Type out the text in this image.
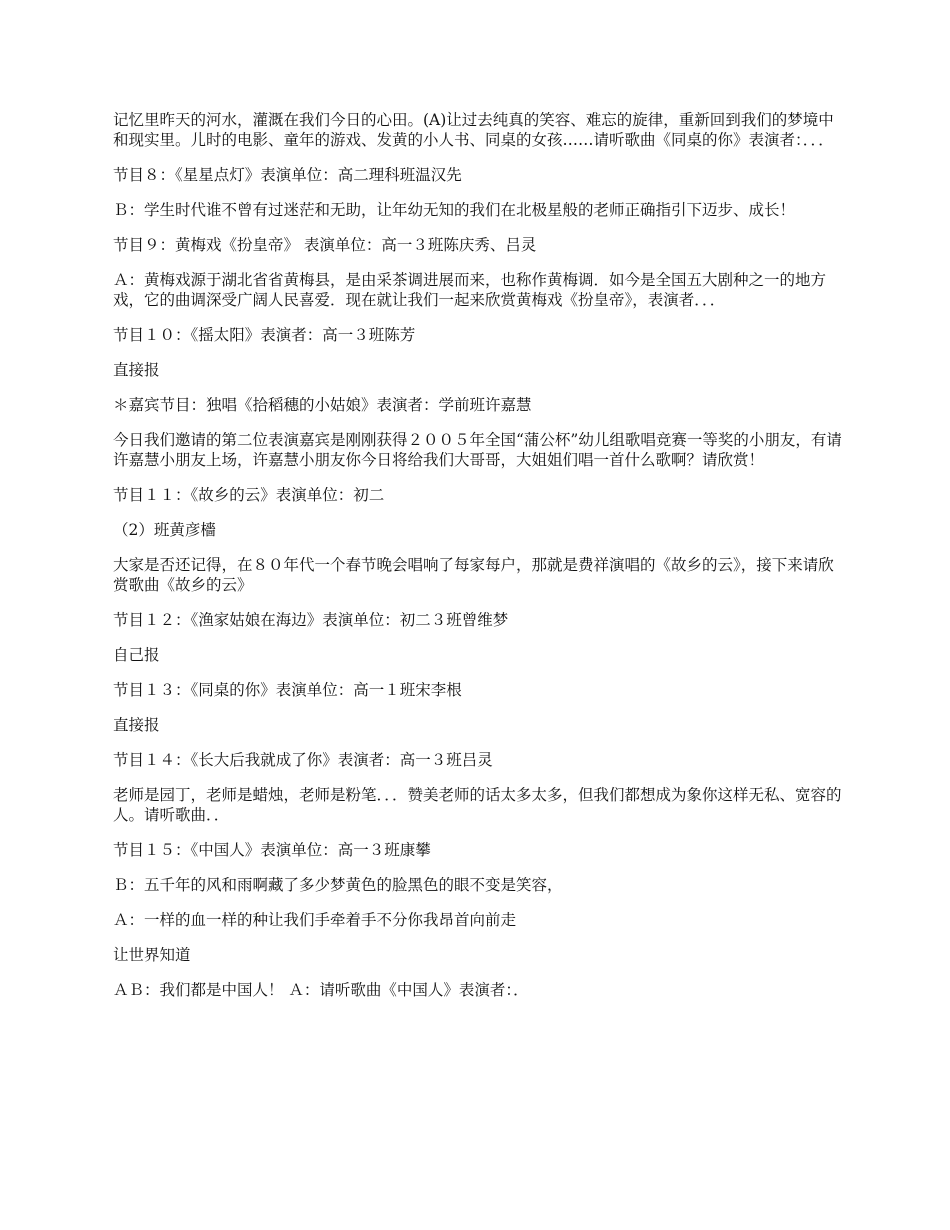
记忆里昨天的河水，灌溉在我们今日的心田。(A)让过去纯真的笑容、难忘的旋律，重新回到我们的梦境中和现实里。儿时的电影、童年的游戏、发黄的小人书、同桌的女孩……请听歌曲《同桌的你》表演者：．．．

节目８：《星星点灯》表演单位：高二理科班温汉先

Ｂ：学生时代谁不曾有过迷茫和无助，让年幼无知的我们在北极星般的老师正确指引下迈步、成长！

节目９：黄梅戏《扮皇帝》 表演单位：高一３班陈庆秀、吕灵

Ａ：黄梅戏源于湖北省省黄梅县，是由采茶调进展而来，也称作黄梅调．如今是全国五大剧种之一的地方戏，它的曲调深受广阔人民喜爱．现在就让我们一起来欣赏黄梅戏《扮皇帝》，表演者．．．

节目１０：《摇太阳》表演者：高一３班陈芳

直接报

＊嘉宾节目：独唱《拾稻穗的小姑娘》表演者：学前班许嘉慧

今日我们邀请的第二位表演嘉宾是刚刚获得２００５年全国“蒲公杯”幼儿组歌唱竞赛一等奖的小朋友，有请许嘉慧小朋友上场，许嘉慧小朋友你今日将给我们大哥哥，大姐姐们唱一首什么歌啊？请欣赏！

节目１１：《故乡的云》表演单位：初二

（2）班黄彦檣

大家是否还记得，在８０年代一个春节晚会唱响了每家每户，那就是费祥演唱的《故乡的云》，接下来请欣赏歌曲《故乡的云》

节目１２：《渔家姑娘在海边》表演单位：初二３班曾维梦

自己报

节目１３：《同桌的你》表演单位：高一１班宋李根

直接报

节目１４：《长大后我就成了你》表演者：高一３班吕灵

老师是园丁，老师是蜡烛，老师是粉笔．．．赞美老师的话太多太多，但我们都想成为象你这样无私、宽容的人。请听歌曲．．

节目１５：《中国人》表演单位：高一３班康攀

Ｂ：五千年的风和雨啊藏了多少梦黄色的脸黑色的眼不变是笑容，

Ａ：一样的血一样的种让我们手牵着手不分你我昂首向前走

让世界知道

ＡＢ：我们都是中国人！ Ａ：请听歌曲《中国人》表演者：．
